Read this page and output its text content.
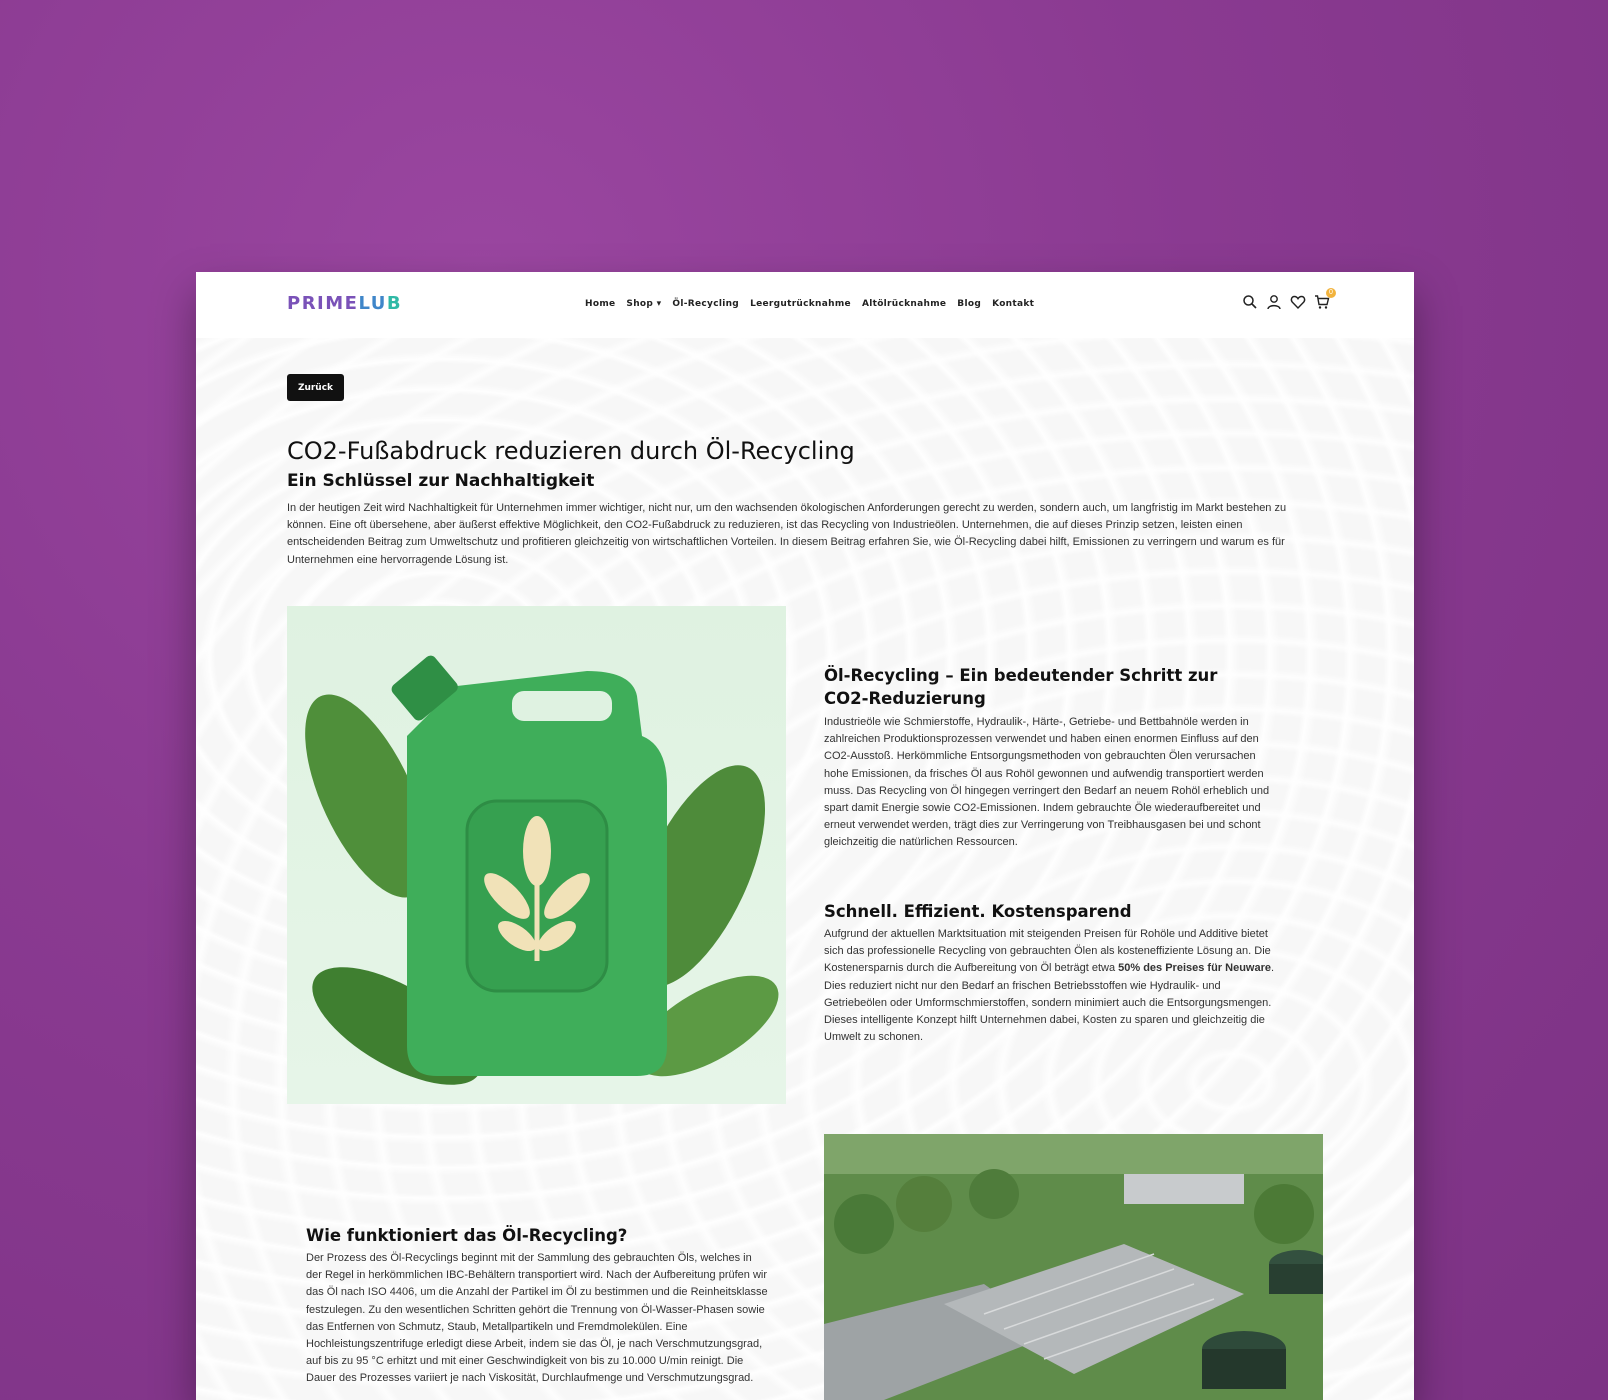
PRIMELUB	Home Shop ▾ Öl-Recycling Leergutrücknahme Altölrücknahme Blog Kontakt
0
Zurück
CO2-Fußabdruck reduzieren durch Öl-Recycling
Ein Schlüssel zur Nachhaltigkeit

In der heutigen Zeit wird Nachhaltigkeit für Unternehmen immer wichtiger, nicht nur, um den wachsenden ökologischen Anforderungen gerecht zu werden, sondern auch, um langfristig im Markt bestehen zu können. Eine oft übersehene, aber äußerst effektive Möglichkeit, den CO2-Fußabdruck zu reduzieren, ist das Recycling von Industrieölen. Unternehmen, die auf dieses Prinzip setzen, leisten einen entscheidenden Beitrag zum Umweltschutz und profitieren gleichzeitig von wirtschaftlichen Vorteilen. In diesem Beitrag erfahren Sie, wie Öl-Recycling dabei hilft, Emissionen zu verringern und warum es für Unternehmen eine hervorragende Lösung ist.

Öl-Recycling – Ein bedeutender Schritt zur CO2-Reduzierung

Industrieöle wie Schmierstoffe, Hydraulik-, Härte-, Getriebe- und Bettbahnöle werden in zahlreichen Produktionsprozessen verwendet und haben einen enormen Einfluss auf den CO2-Ausstoß. Herkömmliche Entsorgungsmethoden von gebrauchten Ölen verursachen hohe Emissionen, da frisches Öl aus Rohöl gewonnen und aufwendig transportiert werden muss. Das Recycling von Öl hingegen verringert den Bedarf an neuem Rohöl erheblich und spart damit Energie sowie CO2-Emissionen. Indem gebrauchte Öle wiederaufbereitet und erneut verwendet werden, trägt dies zur Verringerung von Treibhausgasen bei und schont gleichzeitig die natürlichen Ressourcen.

Schnell. Effizient. Kostensparend

Aufgrund der aktuellen Marktsituation mit steigenden Preisen für Rohöle und Additive bietet sich das professionelle Recycling von gebrauchten Ölen als kosteneffiziente Lösung an. Die Kostenersparnis durch die Aufbereitung von Öl beträgt etwa 50% des Preises für Neuware. Dies reduziert nicht nur den Bedarf an frischen Betriebsstoffen wie Hydraulik- und Getriebeölen oder Umformschmierstoffen, sondern minimiert auch die Entsorgungsmengen. Dieses intelligente Konzept hilft Unternehmen dabei, Kosten zu sparen und gleichzeitig die Umwelt zu schonen.

Wie funktioniert das Öl-Recycling?

Der Prozess des Öl-Recyclings beginnt mit der Sammlung des gebrauchten Öls, welches in der Regel in herkömmlichen IBC-Behältern transportiert wird. Nach der Aufbereitung prüfen wir das Öl nach ISO 4406, um die Anzahl der Partikel im Öl zu bestimmen und die Reinheitsklasse festzulegen. Zu den wesentlichen Schritten gehört die Trennung von Öl-Wasser-Phasen sowie das Entfernen von Schmutz, Staub, Metallpartikeln und Fremdmolekülen. Eine Hochleistungszentrifuge erledigt diese Arbeit, indem sie das Öl, je nach Verschmutzungsgrad, auf bis zu 95 °C erhitzt und mit einer Geschwindigkeit von bis zu 10.000 U/min reinigt. Die Dauer des Prozesses variiert je nach Viskosität, Durchlaufmenge und Verschmutzungsgrad.
